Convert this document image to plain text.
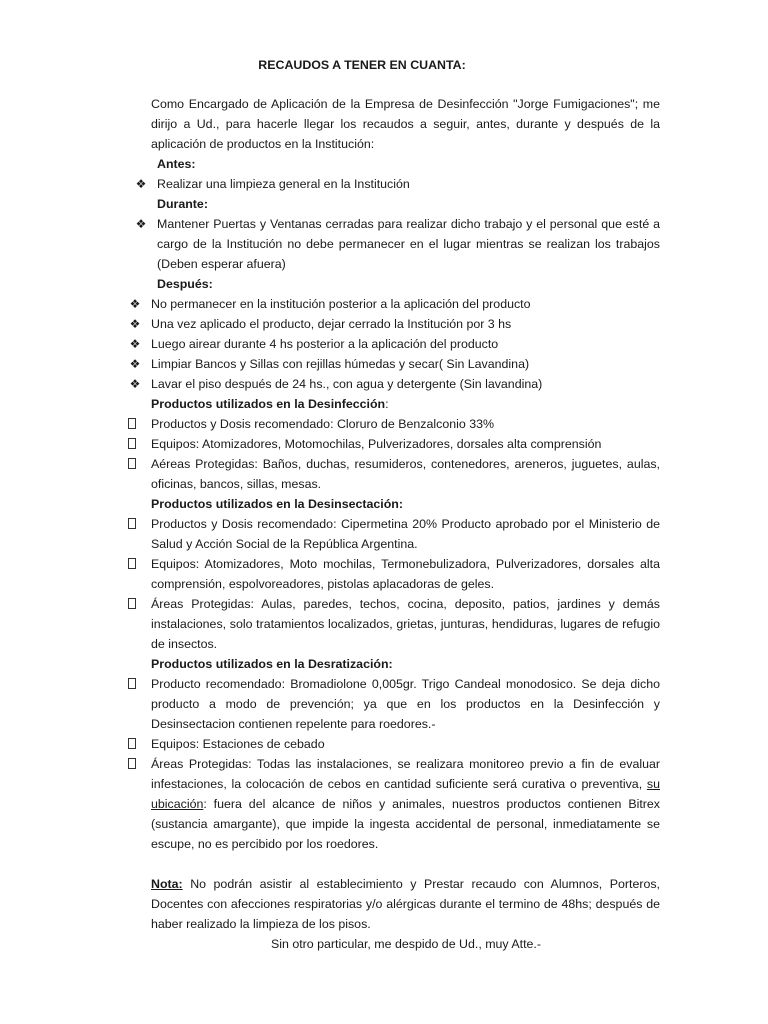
RECAUDOS A TENER EN CUANTA:
Como Encargado de Aplicación de la Empresa de Desinfección "Jorge Fumigaciones"; me dirijo a Ud., para hacerle llegar los recaudos a seguir, antes, durante y después de la aplicación de productos en la Institución:
Antes:
❖ Realizar una limpieza general en la Institución
Durante:
❖ Mantener Puertas y Ventanas cerradas para realizar dicho trabajo y el personal que esté a cargo de la Institución no debe permanecer en el lugar mientras se realizan los trabajos (Deben esperar afuera)
Después:
❖ No permanecer en la institución posterior a la aplicación del producto
❖ Una vez aplicado el producto, dejar cerrado la Institución por 3 hs
❖ Luego airear durante 4 hs posterior a la aplicación del producto
❖ Limpiar Bancos y Sillas con rejillas húmedas y secar( Sin Lavandina)
❖ Lavar el piso después de 24 hs., con agua y detergente (Sin lavandina)
Productos utilizados en la Desinfección:
Productos y Dosis recomendado: Cloruro de Benzalconio 33%
Equipos: Atomizadores, Motomochilas, Pulverizadores, dorsales alta comprensión
Aéreas Protegidas: Baños, duchas, resumideros, contenedores, areneros, juguetes, aulas, oficinas, bancos, sillas, mesas.
Productos utilizados en la Desinsectación:
Productos y Dosis recomendado: Cipermetina 20% Producto aprobado por el Ministerio de Salud y Acción Social de la República Argentina.
Equipos: Atomizadores, Moto mochilas, Termonebulizadora, Pulverizadores, dorsales alta comprensión, espolvoreadores, pistolas aplacadoras de geles.
Áreas Protegidas: Aulas, paredes, techos, cocina, deposito, patios, jardines y demás instalaciones, solo tratamientos localizados, grietas, junturas, hendiduras, lugares de refugio de insectos.
Productos utilizados en la Desratización:
Producto recomendado: Bromadiolone 0,005gr. Trigo Candeal monodosico. Se deja dicho producto a modo de prevención; ya que en los productos en la Desinfección y Desinsectacion contienen repelente para roedores.-
Equipos: Estaciones de cebado
Áreas Protegidas: Todas las instalaciones, se realizara monitoreo previo a fin de evaluar infestaciones, la colocación de cebos en cantidad suficiente será curativa o preventiva, su ubicación: fuera del alcance de niños y animales, nuestros productos contienen Bitrex (sustancia amargante), que impide la ingesta accidental de personal, inmediatamente se escupe, no es percibido por los roedores.
Nota: No podrán asistir al establecimiento y Prestar recaudo con Alumnos, Porteros, Docentes con afecciones respiratorias y/o alérgicas durante el termino de 48hs; después de haber realizado la limpieza de los pisos.
Sin otro particular, me despido de Ud., muy Atte.-
